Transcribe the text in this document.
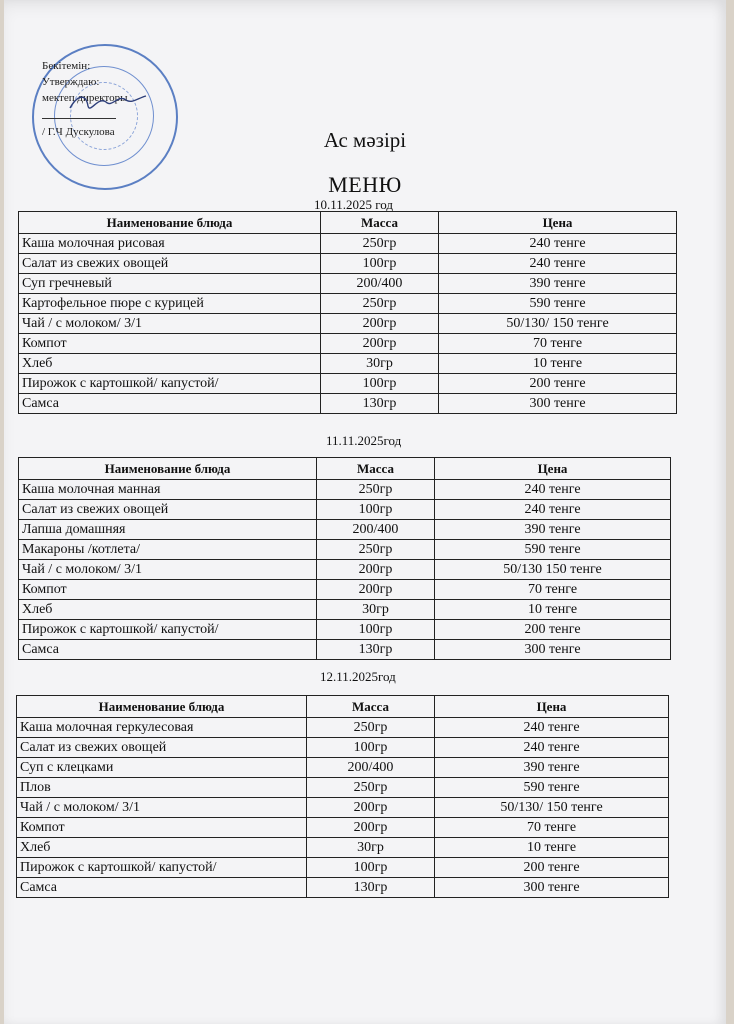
Бекітемін:
Утверждаю:
мектеп директоры
/ Г.Ч Дускулова	Ас мәзірі
МЕНЮ
10.11.2025 год
Наименование блюда	Масса	Цена
Каша молочная рисовая	250гр	240 тенге
Салат из свежих овощей	100гр	240 тенге
Суп гречневый	200/400	390 тенге
Картофельное пюре с курицей	250гр	590 тенге
Чай / с молоком/ 3/1	200гр	50/130/ 150 тенге
Компот	200гр	70 тенге
Хлеб	30гр	10 тенге
Пирожок с картошкой/ капустой/	100гр	200 тенге
Самса	130гр	300 тенге
11.11.2025год
Наименование блюда	Масса	Цена
Каша молочная манная	250гр	240 тенге
Салат из свежих овощей	100гр	240 тенге
Лапша домашняя	200/400	390 тенге
Макароны /котлета/	250гр	590 тенге
Чай / с молоком/ 3/1	200гр	50/130 150 тенге
Компот	200гр	70 тенге
Хлеб	30гр	10 тенге
Пирожок с картошкой/ капустой/	100гр	200 тенге
Самса	130гр	300 тенге
12.11.2025год
Наименование блюда	Масса	Цена
Каша молочная геркулесовая	250гр	240 тенге
Салат из свежих овощей	100гр	240 тенге
Суп с клецками	200/400	390 тенге
Плов	250гр	590 тенге
Чай / с молоком/ 3/1	200гр	50/130/ 150 тенге
Компот	200гр	70 тенге
Хлеб	30гр	10 тенге
Пирожок с картошкой/ капустой/	100гр	200 тенге
Самса	130гр	300 тенге
